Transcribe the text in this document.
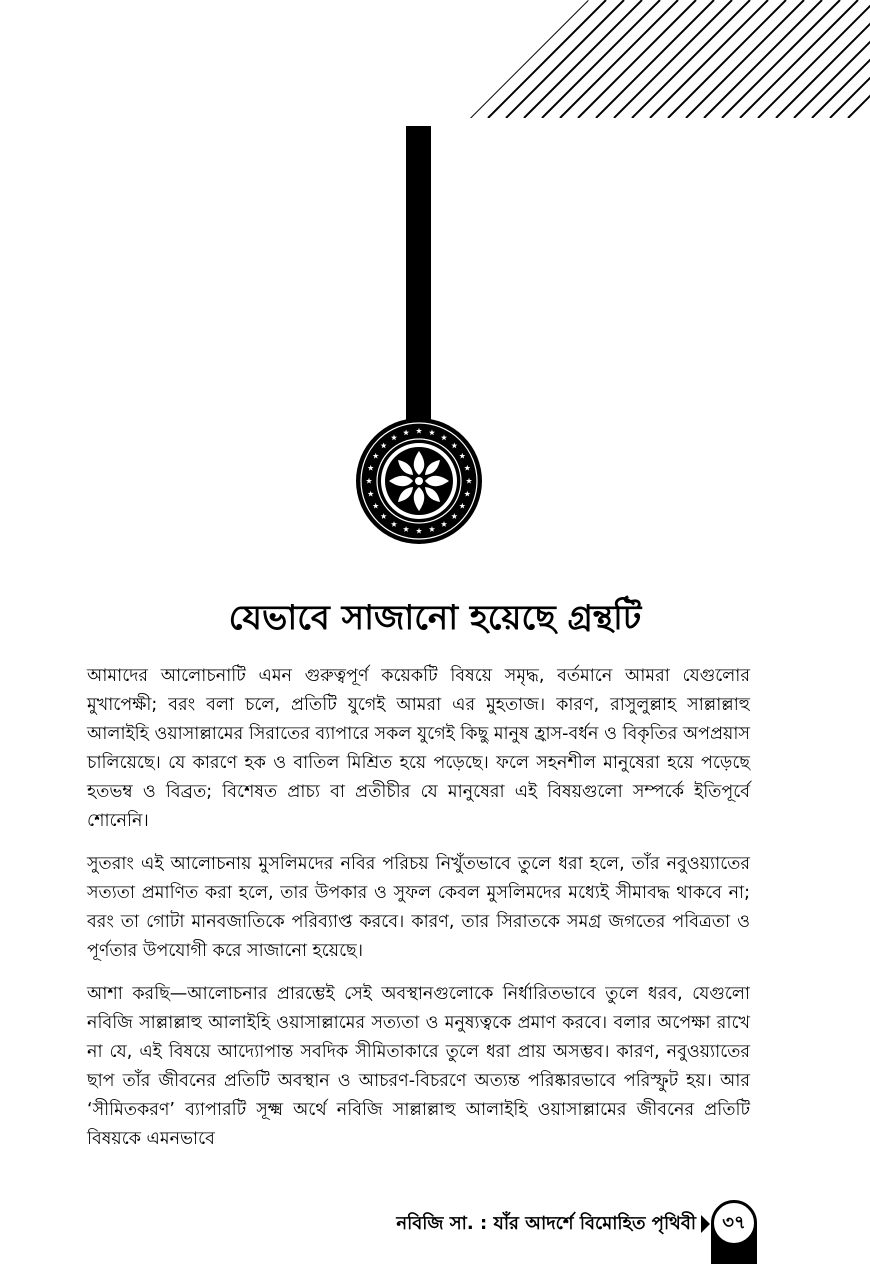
যেভাবে সাজানো হয়েছে গ্রন্থটি

আমাদের আলোচনাটি এমন গুরুত্বপূর্ণ কয়েকটি বিষয়ে সমৃদ্ধ, বর্তমানে আমরা যেগুলোর মুখাপেক্ষী; বরং বলা চলে, প্রতিটি যুগেই আমরা এর মুহতাজ। কারণ, রাসুলুল্লাহ সাল্লাল্লাহু আলাইহি ওয়াসাল্লামের সিরাতের ব্যাপারে সকল যুগেই কিছু মানুষ হ্রাস-বর্ধন ও বিকৃতির অপপ্রয়াস চালিয়েছে। যে কারণে হক ও বাতিল মিশ্রিত হয়ে পড়েছে। ফলে সহনশীল মানুষেরা হয়ে পড়েছে হতভম্ব ও বিব্রত; বিশেষত প্রাচ্য বা প্রতীচীর যে মানুষেরা এই বিষয়গুলো সম্পর্কে ইতিপূর্বে শোনেনি।

সুতরাং এই আলোচনায় মুসলিমদের নবির পরিচয় নিখুঁতভাবে তুলে ধরা হলে, তাঁর নবুওয়্যাতের সত্যতা প্রমাণিত করা হলে, তার উপকার ও সুফল কেবল মুসলিমদের মধ্যেই সীমাবদ্ধ থাকবে না; বরং তা গোটা মানবজাতিকে পরিব্যাপ্ত করবে। কারণ, তার সিরাতকে সমগ্র জগতের পবিত্রতা ও পূর্ণতার উপযোগী করে সাজানো হয়েছে।

আশা করছি—আলোচনার প্রারম্ভেই সেই অবস্থানগুলোকে নির্ধারিতভাবে তুলে ধরব, যেগুলো নবিজি সাল্লাল্লাহু আলাইহি ওয়াসাল্লামের সত্যতা ও মনুষ্যত্বকে প্রমাণ করবে। বলার অপেক্ষা রাখে না যে, এই বিষয়ে আদ্যোপান্ত সবদিক সীমিতাকারে তুলে ধরা প্রায় অসম্ভব। কারণ, নবুওয়্যাতের ছাপ তাঁর জীবনের প্রতিটি অবস্থান ও আচরণ-বিচরণে অত্যন্ত পরিষ্কারভাবে পরিস্ফুট হয়। আর ‘সীমিতকরণ’ ব্যাপারটি সূক্ষ্ম অর্থে নবিজি সাল্লাল্লাহু আলাইহি ওয়াসাল্লামের জীবনের প্রতিটি বিষয়কে এমনভাবে

নবিজি সা. : যাঁর আদর্শে বিমোহিত পৃথিবী	৩৭
